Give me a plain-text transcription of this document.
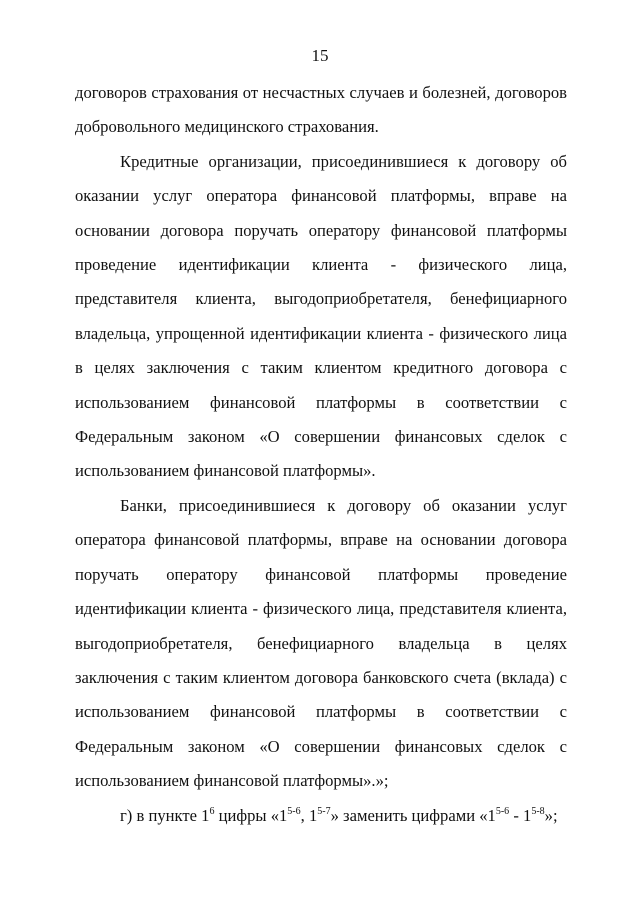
15

договоров страхования от несчастных случаев и болезней, договоров добровольного медицинского страхования.

Кредитные организации, присоединившиеся к договору об оказании услуг оператора финансовой платформы, вправе на основании договора поручать оператору финансовой платформы проведение идентификации клиента - физического лица, представителя клиента, выгодоприобретателя, бенефициарного владельца, упрощенной идентификации клиента - физического лица в целях заключения с таким клиентом кредитного договора с использованием финансовой платформы в соответствии с Федеральным законом «О совершении финансовых сделок с использованием финансовой платформы».

Банки, присоединившиеся к договору об оказании услуг оператора финансовой платформы, вправе на основании договора поручать оператору финансовой платформы проведение идентификации клиента - физического лица, представителя клиента, выгодоприобретателя, бенефициарного владельца в целях заключения с таким клиентом договора банковского счета (вклада) с использованием финансовой платформы в соответствии с Федеральным законом «О совершении финансовых сделок с использованием финансовой платформы».»;

г) в пункте $1^6$ цифры «1$^{5-6}$, 1$^{5-7}$» заменить цифрами «1$^{5-6}$ - 1$^{5-8}$»;
